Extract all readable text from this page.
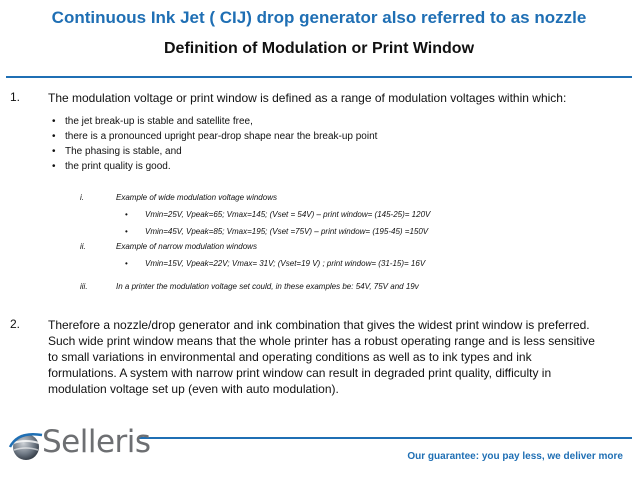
Continuous Ink Jet ( CIJ) drop generator also referred to as nozzle
Definition of Modulation or Print Window
1. The modulation voltage or print window is defined as a range of modulation voltages within which:
• the jet break-up is stable and satellite free,
• there is a pronounced upright pear-drop shape near the break-up point
• The phasing is stable, and
• the print quality is good.
i.	Example of wide modulation voltage windows
• Vmin=25V, Vpeak=65; Vmax=145; (Vset = 54V) – print window= (145-25)= 120V
• Vmin=45V, Vpeak=85; Vmax=195; (Vset =75V) – print window= (195-45) =150V
ii.	Example of narrow modulation windows
• Vmin=15V, Vpeak=22V; Vmax= 31V; (Vset=19 V) ; print window= (31-15)= 16V
iii.	In a printer the modulation voltage set could, in these examples be: 54V, 75V and 19v
2. Therefore a nozzle/drop generator and ink combination that gives the widest print window is preferred.
Such wide print window means that the whole printer has a robust operating range and is less sensitive
to small variations in environmental and operating conditions as well as to ink types and ink
formulations. A system with narrow print window can result in degraded print quality, difficulty in
modulation voltage set up (even with auto modulation).
Selleris	Our guarantee: you pay less, we deliver more
